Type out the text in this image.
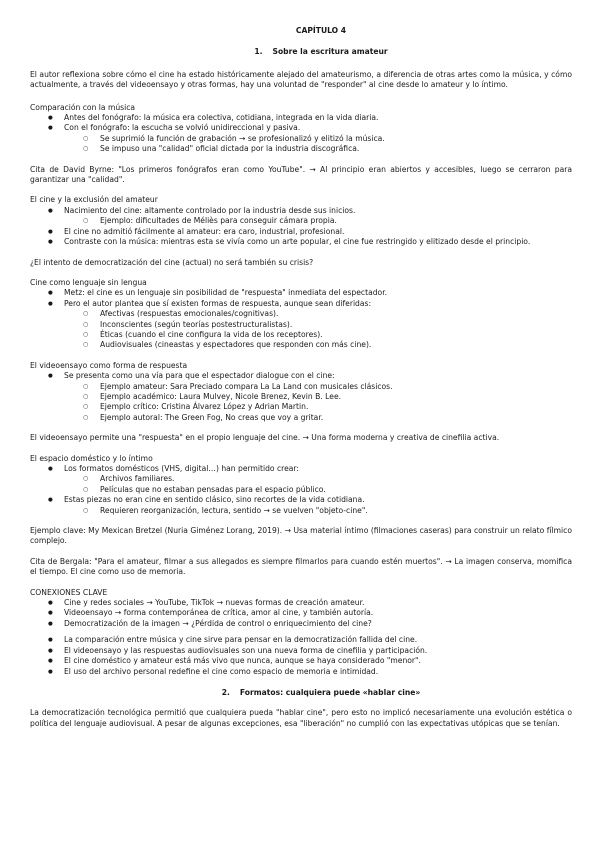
CAPÍTULO 4
1. Sobre la escritura amateur

El autor reflexiona sobre cómo el cine ha estado históricamente alejado del amateurismo, a diferencia de otras artes como la música, y cómo actualmente, a través del videoensayo y otras formas, hay una voluntad de "responder" al cine desde lo amateur y lo íntimo.

Comparación con la música
● Antes del fonógrafo: la música era colectiva, cotidiana, integrada en la vida diaria.
● Con el fonógrafo: la escucha se volvió unidireccional y pasiva.
○ Se suprimió la función de grabación → se profesionalizó y elitizó la música.
○ Se impuso una "calidad" oficial dictada por la industria discográfica.

Cita de David Byrne: "Los primeros fonógrafos eran como YouTube". → Al principio eran abiertos y accesibles, luego se cerraron para garantizar una "calidad".

El cine y la exclusión del amateur
● Nacimiento del cine: altamente controlado por la industria desde sus inicios.
○ Ejemplo: dificultades de Méliès para conseguir cámara propia.
● El cine no admitió fácilmente al amateur: era caro, industrial, profesional.
● Contraste con la música: mientras esta se vivía como un arte popular, el cine fue restringido y elitizado desde el principio.

¿El intento de democratización del cine (actual) no será también su crisis?

Cine como lenguaje sin lengua
● Metz: el cine es un lenguaje sin posibilidad de "respuesta" inmediata del espectador.
● Pero el autor plantea que sí existen formas de respuesta, aunque sean diferidas:
○ Afectivas (respuestas emocionales/cognitivas).
○ Inconscientes (según teorías postestructuralistas).
○ Éticas (cuando el cine configura la vida de los receptores).
○ Audiovisuales (cineastas y espectadores que responden con más cine).
El videoensayo como forma de respuesta
● Se presenta como una vía para que el espectador dialogue con el cine:
○ Ejemplo amateur: Sara Preciado compara La La Land con musicales clásicos.
○ Ejemplo académico: Laura Mulvey, Nicole Brenez, Kevin B. Lee.
○ Ejemplo crítico: Cristina Álvarez López y Adrian Martin.
○ Ejemplo autoral: The Green Fog, No creas que voy a gritar.

El videoensayo permite una "respuesta" en el propio lenguaje del cine. → Una forma moderna y creativa de cinefilia activa.

El espacio doméstico y lo íntimo
● Los formatos domésticos (VHS, digital…) han permitido crear:
○ Archivos familiares.
○ Películas que no estaban pensadas para el espacio público.
● Estas piezas no eran cine en sentido clásico, sino recortes de la vida cotidiana.
○ Requieren reorganización, lectura, sentido → se vuelven "objeto-cine".

Ejemplo clave: My Mexican Bretzel (Nuria Giménez Lorang, 2019). → Usa material íntimo (filmaciones caseras) para construir un relato fílmico complejo.

Cita de Bergala: "Para el amateur, filmar a sus allegados es siempre filmarlos para cuando estén muertos". → La imagen conserva, momifica el tiempo. El cine como uso de memoria.

CONEXIONES CLAVE
● Cine y redes sociales → YouTube, TikTok → nuevas formas de creación amateur.
● Videoensayo → forma contemporánea de crítica, amor al cine, y también autoría.
● Democratización de la imagen → ¿Pérdida de control o enriquecimiento del cine?
● La comparación entre música y cine sirve para pensar en la democratización fallida del cine.
● El videoensayo y las respuestas audiovisuales son una nueva forma de cinefilia y participación.
● El cine doméstico y amateur está más vivo que nunca, aunque se haya considerado "menor".
● El uso del archivo personal redefine el cine como espacio de memoria e intimidad.
2. Formatos: cualquiera puede «hablar cine»

La democratización tecnológica permitió que cualquiera pueda "hablar cine", pero esto no implicó necesariamente una evolución estética o política del lenguaje audiovisual. A pesar de algunas excepciones, esa "liberación" no cumplió con las expectativas utópicas que se tenían.
